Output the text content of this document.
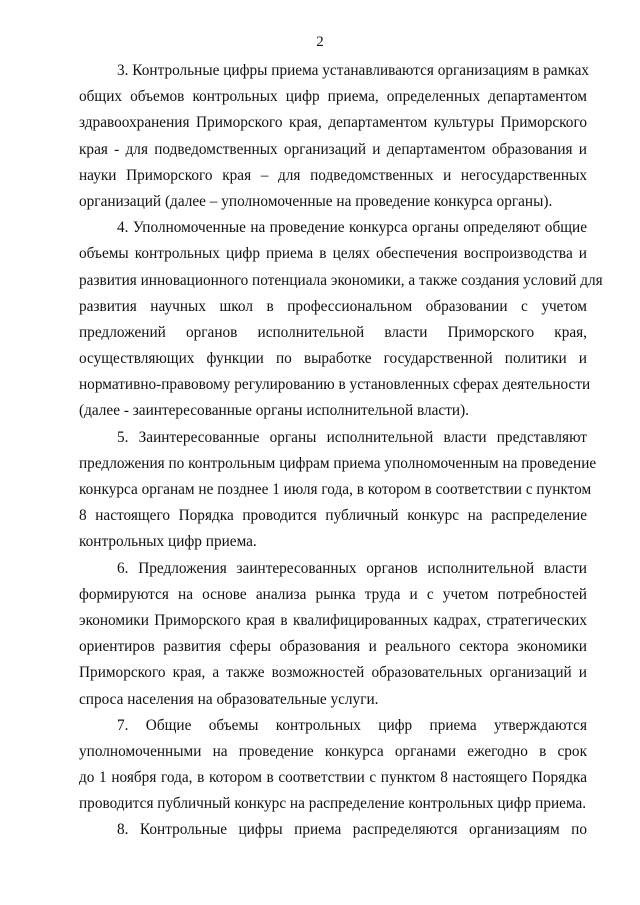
2
3. Контрольные цифры приема устанавливаются организациям в рамках
общих объемов контрольных цифр приема, определенных департаментом
здравоохранения Приморского края, департаментом культуры Приморского
края - для подведомственных организаций и департаментом образования и
науки Приморского края – для подведомственных и негосударственных
организаций (далее – уполномоченные на проведение конкурса органы).
4. Уполномоченные на проведение конкурса органы определяют общие
объемы контрольных цифр приема в целях обеспечения воспроизводства и
развития инновационного потенциала экономики, а также создания условий для
развития научных школ в профессиональном образовании с учетом
предложений органов исполнительной власти Приморского края,
осуществляющих функции по выработке государственной политики и
нормативно-правовому регулированию в установленных сферах деятельности
(далее - заинтересованные органы исполнительной власти).
5. Заинтересованные органы исполнительной власти представляют
предложения по контрольным цифрам приема уполномоченным на проведение
конкурса органам не позднее 1 июля года, в котором в соответствии с пунктом
8 настоящего Порядка проводится публичный конкурс на распределение
контрольных цифр приема.
6. Предложения заинтересованных органов исполнительной власти
формируются на основе анализа рынка труда и с учетом потребностей
экономики Приморского края в квалифицированных кадрах, стратегических
ориентиров развития сферы образования и реального сектора экономики
Приморского края, а также возможностей образовательных организаций и
спроса населения на образовательные услуги.
7. Общие объемы контрольных цифр приема утверждаются
уполномоченными на проведение конкурса органами ежегодно в срок
до 1 ноября года, в котором в соответствии с пунктом 8 настоящего Порядка
проводится публичный конкурс на распределение контрольных цифр приема.
8. Контрольные цифры приема распределяются организациям по
